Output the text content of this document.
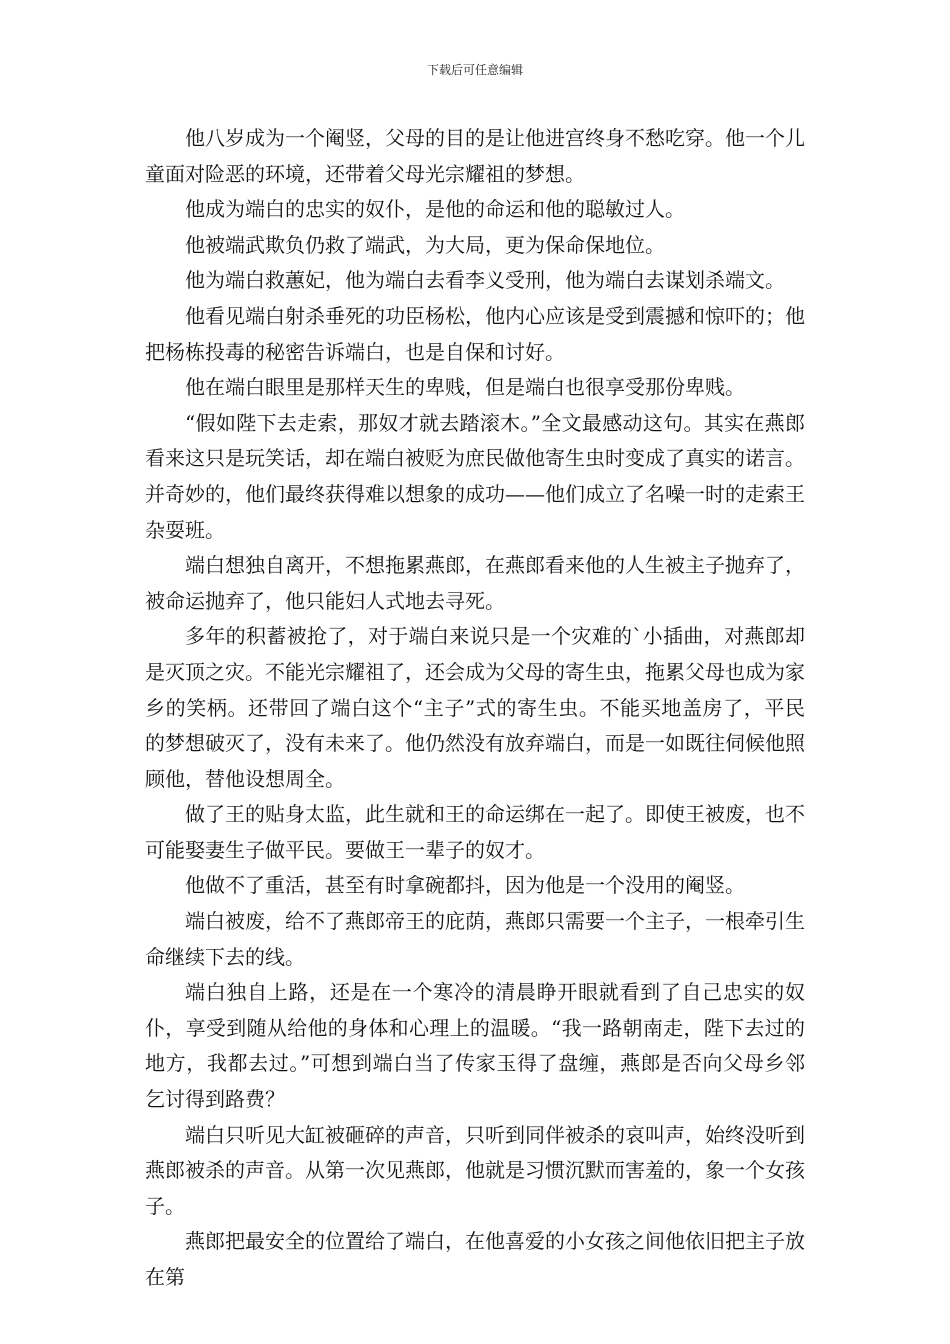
下载后可任意编辑

他八岁成为一个阉竖，父母的目的是让他进宫终身不愁吃穿。他一个儿童面对险恶的环境，还带着父母光宗耀祖的梦想。

他成为端白的忠实的奴仆，是他的命运和他的聪敏过人。

他被端武欺负仍救了端武，为大局，更为保命保地位。

他为端白救蕙妃，他为端白去看李义受刑，他为端白去谋划杀端文。

他看见端白射杀垂死的功臣杨松，他内心应该是受到震撼和惊吓的；他把杨栋投毒的秘密告诉端白，也是自保和讨好。

他在端白眼里是那样天生的卑贱，但是端白也很享受那份卑贱。

“假如陛下去走索，那奴才就去踏滚木。”全文最感动这句。其实在燕郎看来这只是玩笑话，却在端白被贬为庶民做他寄生虫时变成了真实的诺言。并奇妙的，他们最终获得难以想象的成功——他们成立了名噪一时的走索王杂耍班。

端白想独自离开，不想拖累燕郎，在燕郎看来他的人生被主子抛弃了，被命运抛弃了，他只能妇人式地去寻死。

多年的积蓄被抢了，对于端白来说只是一个灾难的`小插曲，对燕郎却是灭顶之灾。不能光宗耀祖了，还会成为父母的寄生虫，拖累父母也成为家乡的笑柄。还带回了端白这个“主子”式的寄生虫。不能买地盖房了，平民的梦想破灭了，没有未来了。他仍然没有放弃端白，而是一如既往伺候他照顾他，替他设想周全。

做了王的贴身太监，此生就和王的命运绑在一起了。即使王被废，也不可能娶妻生子做平民。要做王一辈子的奴才。

他做不了重活，甚至有时拿碗都抖，因为他是一个没用的阉竖。

端白被废，给不了燕郎帝王的庇荫，燕郎只需要一个主子，一根牵引生命继续下去的线。

端白独自上路，还是在一个寒冷的清晨睁开眼就看到了自己忠实的奴仆，享受到随从给他的身体和心理上的温暖。“我一路朝南走，陛下去过的地方，我都去过。”可想到端白当了传家玉得了盘缠，燕郎是否向父母乡邻乞讨得到路费？

端白只听见大缸被砸碎的声音，只听到同伴被杀的哀叫声，始终没听到燕郎被杀的声音。从第一次见燕郎，他就是习惯沉默而害羞的，象一个女孩子。

燕郎把最安全的位置给了端白，在他喜爱的小女孩之间他依旧把主子放在第
